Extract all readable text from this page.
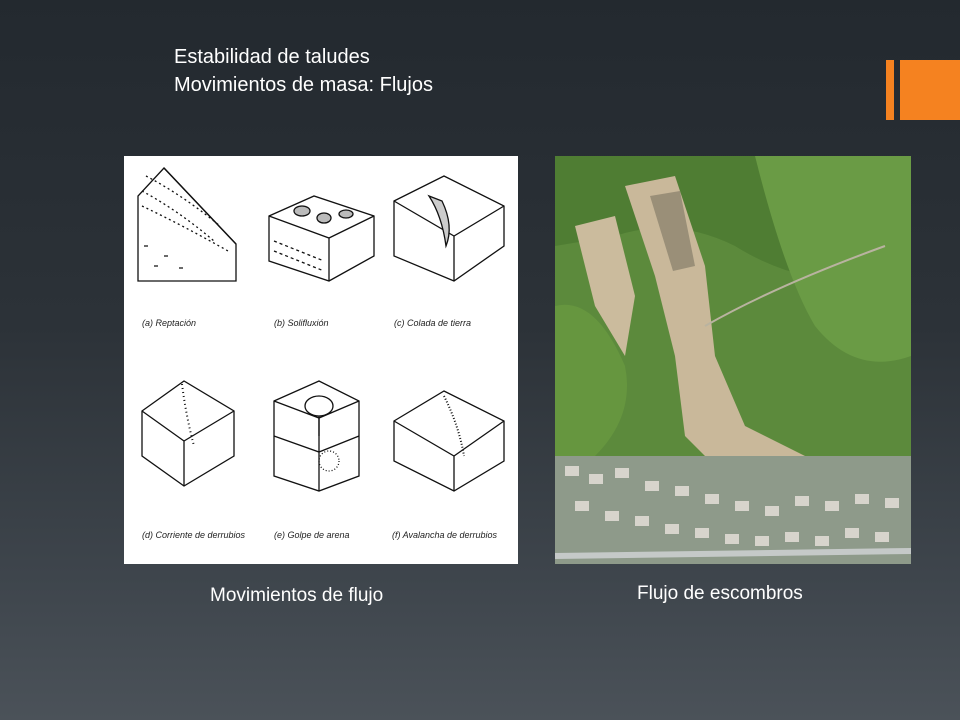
Estabilidad de taludes
Movimientos de masa: Flujos
(a) Reptación	(b) Solifluxión	(c) Colada de tierra
(d) Corriente de derrubios	(e) Golpe de arena	(f) Avalancha de derrubios
Movimientos de flujo	Flujo de escombros
